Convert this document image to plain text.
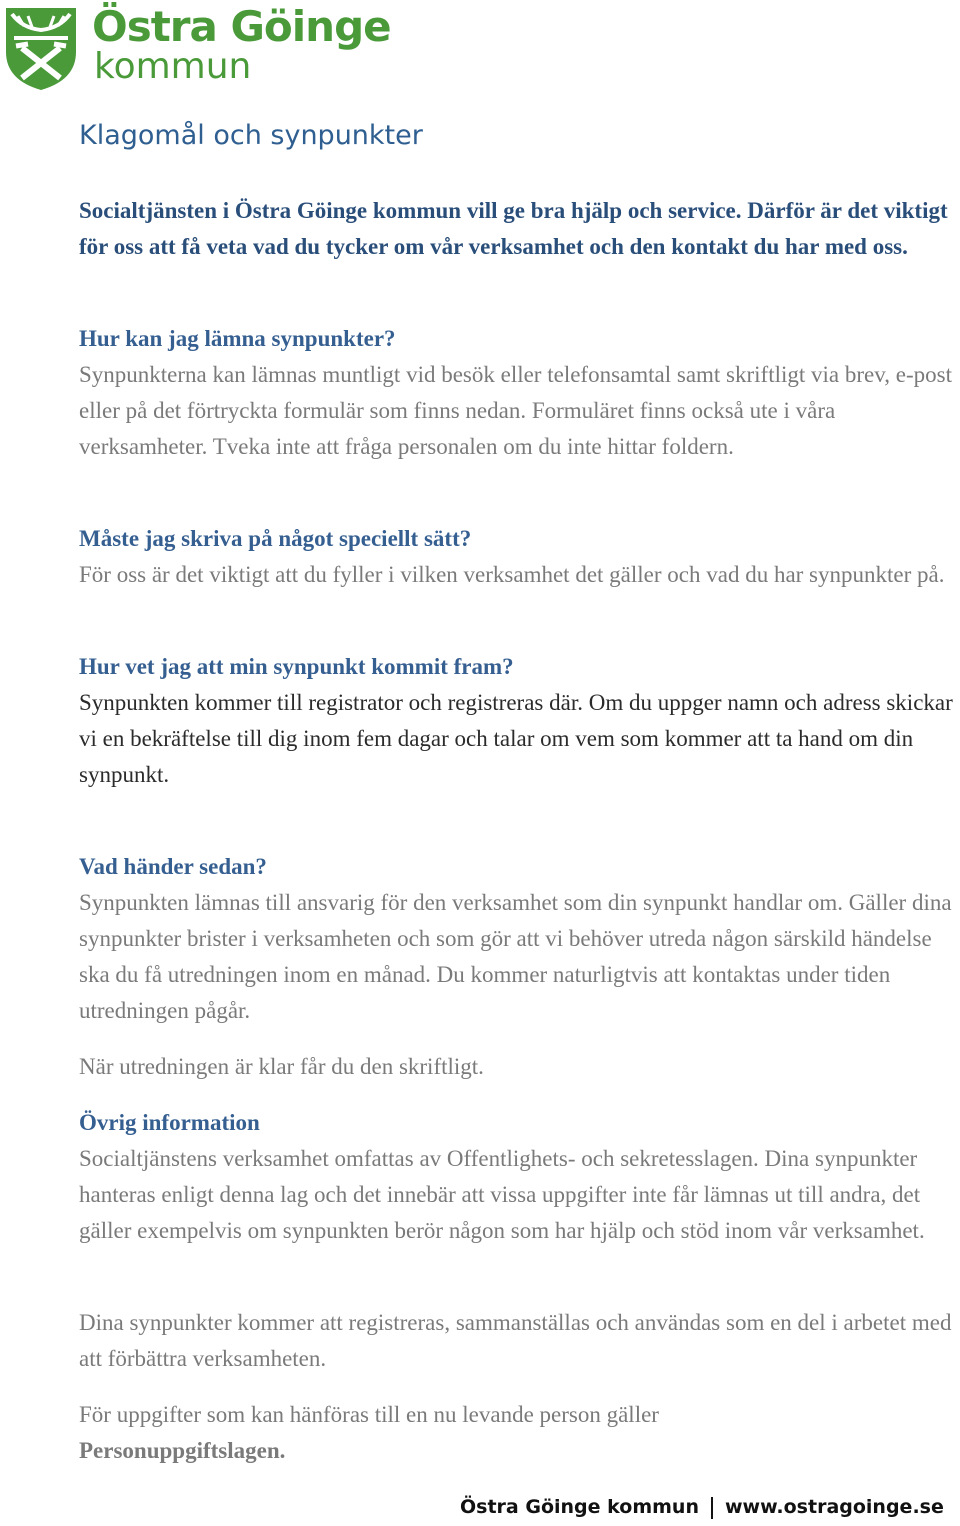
Östra Göinge
kommun
Klagomål och synpunkter

Socialtjänsten i Östra Göinge kommun vill ge bra hjälp och service. Därför är det viktigt för oss att få veta vad du tycker om vår verksamhet och den kontakt du har med oss.

Hur kan jag lämna synpunkter?

Synpunkterna kan lämnas muntligt vid besök eller telefonsamtal samt skriftligt via brev, e-post eller på det förtryckta formulär som finns nedan. Formuläret finns också ute i våra verksamheter. Tveka inte att fråga personalen om du inte hittar foldern.

Måste jag skriva på något speciellt sätt?

För oss är det viktigt att du fyller i vilken verksamhet det gäller och vad du har synpunkter på.

Hur vet jag att min synpunkt kommit fram?

Synpunkten kommer till registrator och registreras där. Om du uppger namn och adress skickar vi en bekräftelse till dig inom fem dagar och talar om vem som kommer att ta hand om din synpunkt.

Vad händer sedan?

Synpunkten lämnas till ansvarig för den verksamhet som din synpunkt handlar om. Gäller dina synpunkter brister i verksamheten och som gör att vi behöver utreda någon särskild händelse ska du få utredningen inom en månad. Du kommer naturligtvis att kontaktas under tiden utredningen pågår.

När utredningen är klar får du den skriftligt.

Övrig information

Socialtjänstens verksamhet omfattas av Offentlighets- och sekretesslagen. Dina synpunkter hanteras enligt denna lag och det innebär att vissa uppgifter inte får lämnas ut till andra, det gäller exempelvis om synpunkten berör någon som har hjälp och stöd inom vår verksamhet.

Dina synpunkter kommer att registreras, sammanställas och användas som en del i arbetet med att förbättra verksamheten.

För uppgifter som kan hänföras till en nu levande person gäller
Personuppgiftslagen.

Östra Göinge kommun www.ostragoinge.se
